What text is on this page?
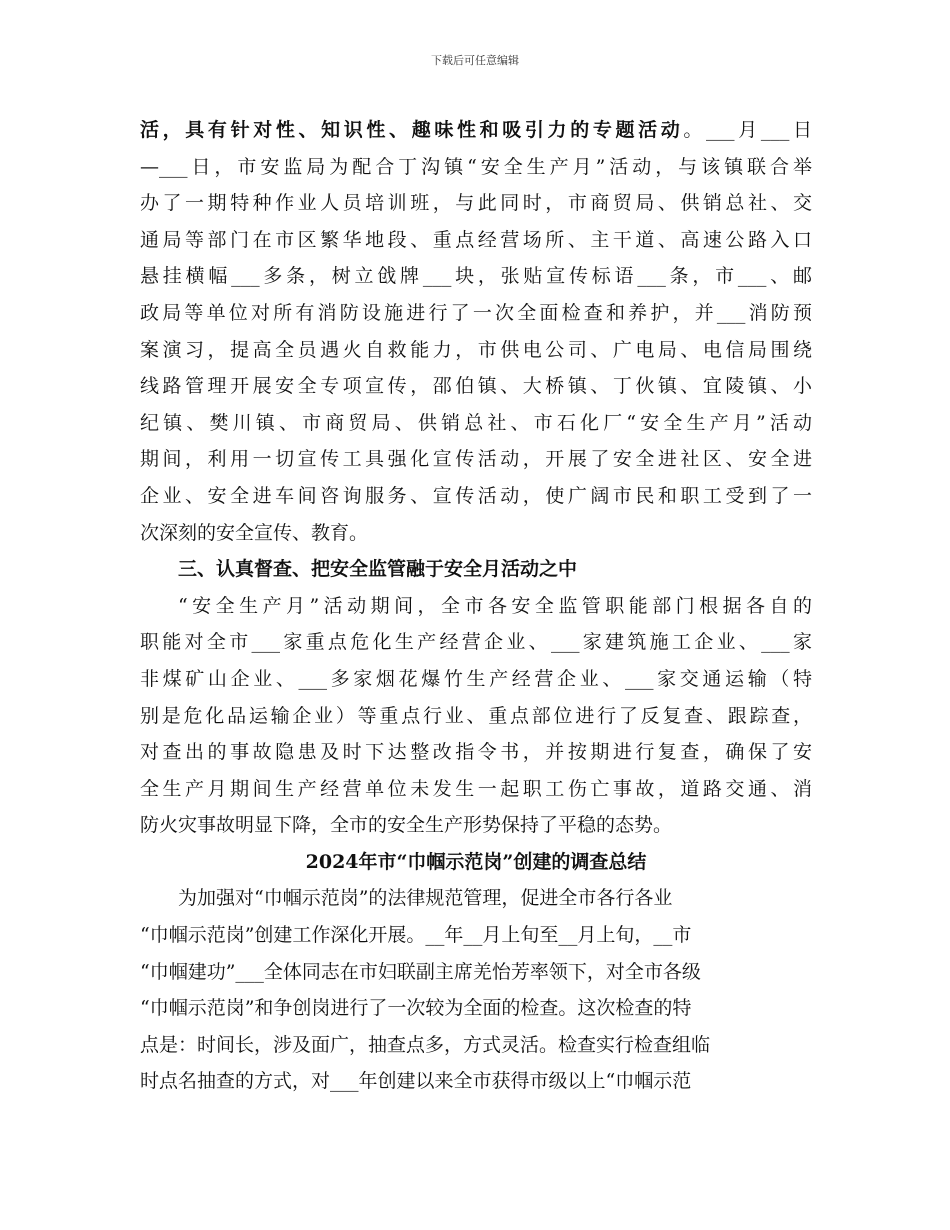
下载后可任意编辑
活，具有针对性、知识性、趣味性和吸引力的专题活动。___月___日
—___日，市安监局为配合丁沟镇“安全生产月”活动，与该镇联合举
办了一期特种作业人员培训班，与此同时，市商贸局、供销总社、交
通局等部门在市区繁华地段、重点经营场所、主干道、高速公路入口
悬挂横幅___多条，树立戗牌___块，张贴宣传标语___条，市___、邮
政局等单位对所有消防设施进行了一次全面检查和养护，并___消防预
案演习，提高全员遇火自救能力，市供电公司、广电局、电信局围绕
线路管理开展安全专项宣传，邵伯镇、大桥镇、丁伙镇、宜陵镇、小
纪镇、樊川镇、市商贸局、供销总社、市石化厂“安全生产月”活动
期间，利用一切宣传工具强化宣传活动，开展了安全进社区、安全进
企业、安全进车间咨询服务、宣传活动，使广阔市民和职工受到了一
次深刻的安全宣传、教育。
三、认真督查、把安全监管融于安全月活动之中
“安全生产月”活动期间，全市各安全监管职能部门根据各自的
职能对全市___家重点危化生产经营企业、___家建筑施工企业、___家
非煤矿山企业、___多家烟花爆竹生产经营企业、___家交通运输（特
别是危化品运输企业）等重点行业、重点部位进行了反复查、跟踪查，
对查出的事故隐患及时下达整改指令书，并按期进行复查，确保了安
全生产月期间生产经营单位未发生一起职工伤亡事故，道路交通、消
防火灾事故明显下降，全市的安全生产形势保持了平稳的态势。
2024年市“巾帼示范岗”创建的调查总结
为加强对“巾帼示范岗”的法律规范管理，促进全市各行各业
“巾帼示范岗”创建工作深化开展。__年__月上旬至__月上旬，__市
“巾帼建功”___全体同志在市妇联副主席羌怡芳率领下，对全市各级
“巾帼示范岗”和争创岗进行了一次较为全面的检查。这次检查的特
点是：时间长，涉及面广，抽查点多，方式灵活。检查实行检查组临
时点名抽查的方式，对___年创建以来全市获得市级以上“巾帼示范
